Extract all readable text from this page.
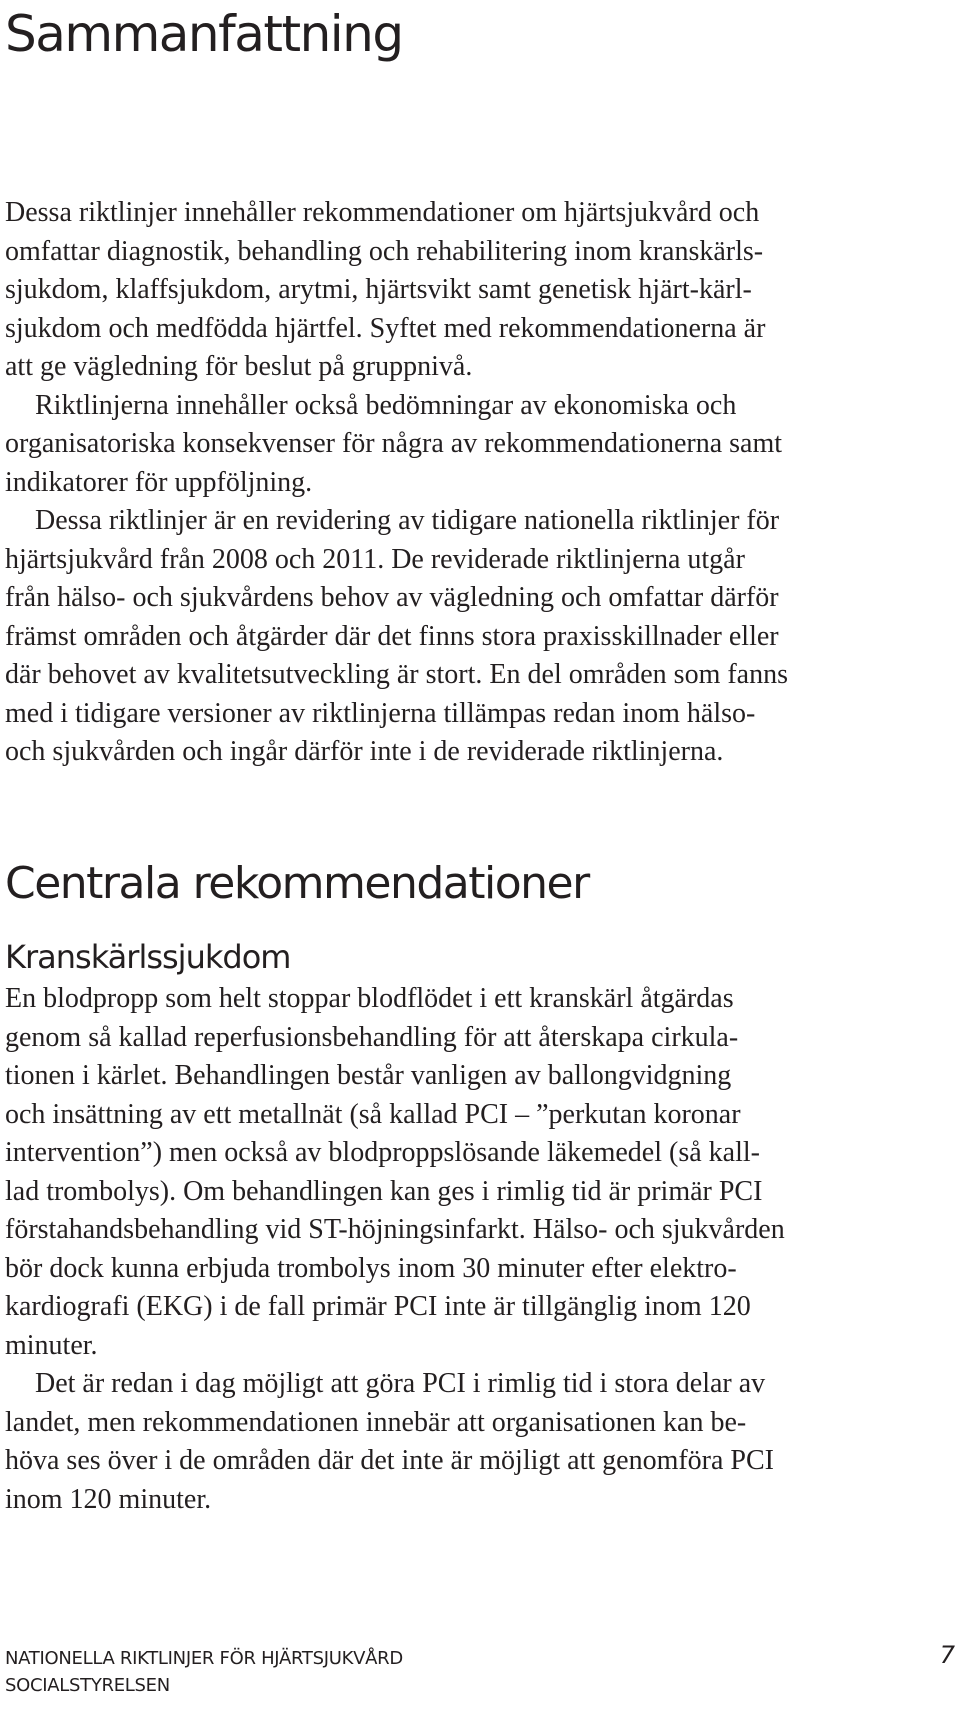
Sammanfattning
Dessa riktlinjer innehåller rekommendationer om hjärtsjukvård och
omfattar diagnostik, behandling och rehabilitering inom kranskärls-
sjukdom, klaffsjukdom, arytmi, hjärtsvikt samt genetisk hjärt-kärl-
sjukdom och medfödda hjärtfel. Syftet med rekommendationerna är
att ge vägledning för beslut på gruppnivå.
Riktlinjerna innehåller också bedömningar av ekonomiska och
organisatoriska konsekvenser för några av rekommendationerna samt
indikatorer för uppföljning.
Dessa riktlinjer är en revidering av tidigare nationella riktlinjer för
hjärtsjukvård från 2008 och 2011. De reviderade riktlinjerna utgår
från hälso- och sjukvårdens behov av vägledning och omfattar därför
främst områden och åtgärder där det finns stora praxisskillnader eller
där behovet av kvalitetsutveckling är stort. En del områden som fanns
med i tidigare versioner av riktlinjerna tillämpas redan inom hälso-
och sjukvården och ingår därför inte i de reviderade riktlinjerna.
Centrala rekommendationer
Kranskärlssjukdom
En blodpropp som helt stoppar blodflödet i ett kranskärl åtgärdas
genom så kallad reperfusionsbehandling för att återskapa cirkula-
tionen i kärlet. Behandlingen består vanligen av ballongvidgning
och insättning av ett metallnät (så kallad PCI – ”perkutan koronar
intervention”) men också av blodproppslösande läkemedel (så kall-
lad trombolys). Om behandlingen kan ges i rimlig tid är primär PCI
förstahandsbehandling vid ST-höjningsinfarkt. Hälso- och sjukvården
bör dock kunna erbjuda trombolys inom 30 minuter efter elektro-
kardiografi (EKG) i de fall primär PCI inte är tillgänglig inom 120
minuter.
Det är redan i dag möjligt att göra PCI i rimlig tid i stora delar av
landet, men rekommendationen innebär att organisationen kan be-
höva ses över i de områden där det inte är möjligt att genomföra PCI
inom 120 minuter.
NATIONELLA RIKTLINJER FÖR HJÄRTSJUKVÅRD
SOCIALSTYRELSEN
7
